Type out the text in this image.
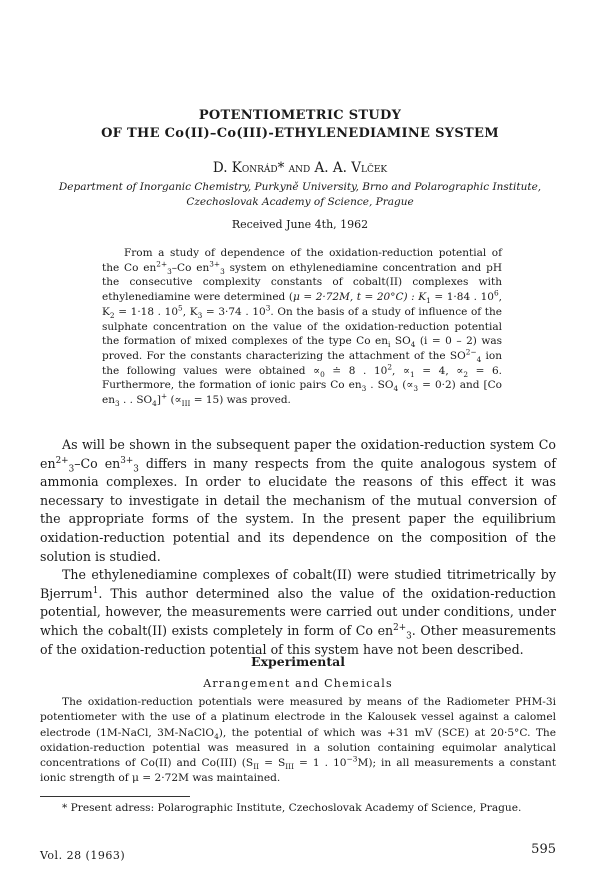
POTENTIOMETRIC STUDY
OF THE Co(II)–Co(III)-ETHYLENEDIAMINE SYSTEM
D. Konrád* and A. A. Vlček
Department of Inorganic Chemistry, Purkyně University, Brno and Polarographic Institute, Czechoslovak Academy of Science, Prague
Received June 4th, 1962

From a study of dependence of the oxidation-reduction potential of the Co $en^{2+}_3-Co$ $en^{3+}_3$ system on ethylenediamine concentration and pH the consecutive complexity constants of cobalt(II) complexes with ethylenediamine were determined (μ = 2·72M, t = 20°C) : $K_1 = 1\cdot 84$ . $10^6$, $K_2 = 1\cdot 18$ . $10^5$, $K_3 = 3\cdot 74$ . $10^3$. On the basis of a study of influence of the sulphate concentration on the value of the oxidation-reduction potential the formation of mixed complexes of the type Co $en_i$ $SO_4$ (i = 0 – 2) was proved. For the constants characterizing the attachment of the $SO^{2-}_4$ ion the following values were obtained $\propto_0$ ≐ 8 . $10^2$, $\propto_1 = 4$, $\propto_2 = 6$. Furthermore, the formation of ionic pairs Co $en_3$ . $SO_4$ $(\propto_3 = 0\cdot 2)$ and [Co $en_3$ . . $SO_4]^+$ $(\propto_{III} = 15)$ was proved.

As will be shown in the subsequent paper the oxidation-reduction system Co $en^{2+}_3-Co$ $en^{3+}_3$ differs in many respects from the quite analogous system of ammonia complexes. In order to elucidate the reasons of this effect it was necessary to investigate in detail the mechanism of the mutual conversion of the appropriate forms of the system. In the present paper the equilibrium oxidation-reduction potential and its dependence on the composition of the solution is studied.

The ethylenediamine complexes of cobalt(II) were studied titrimetrically by Bjerrum$^1$. This author determined also the value of the oxidation-reduction potential, however, the measurements were carried out under conditions, under which the cobalt(II) exists completely in form of Co $en^{2+}_3$. Other measurements of the oxidation-reduction potential of this system have not been described.

Experimental
Arrangement and Chemicals

The oxidation-reduction potentials were measured by means of the Radiometer PHM-3i potentiometer with the use of a platinum electrode in the Kalousek vessel against a calomel electrode (1M-NaCl, 3M-NaClO$_4$), the potential of which was +31 mV (SCE) at 20·5°C. The oxidation-reduction potential was measured in a solution containing equimolar analytical concentrations of Co(II) and Co(III) ($S_{II} = S_{III} = 1$ . $10^{-3}M$); in all measurements a constant ionic strength of μ = 2·72M was maintained.

* Present adress: Polarographic Institute, Czechoslovak Academy of Science, Prague.
Vol. 28 (1963)	595
